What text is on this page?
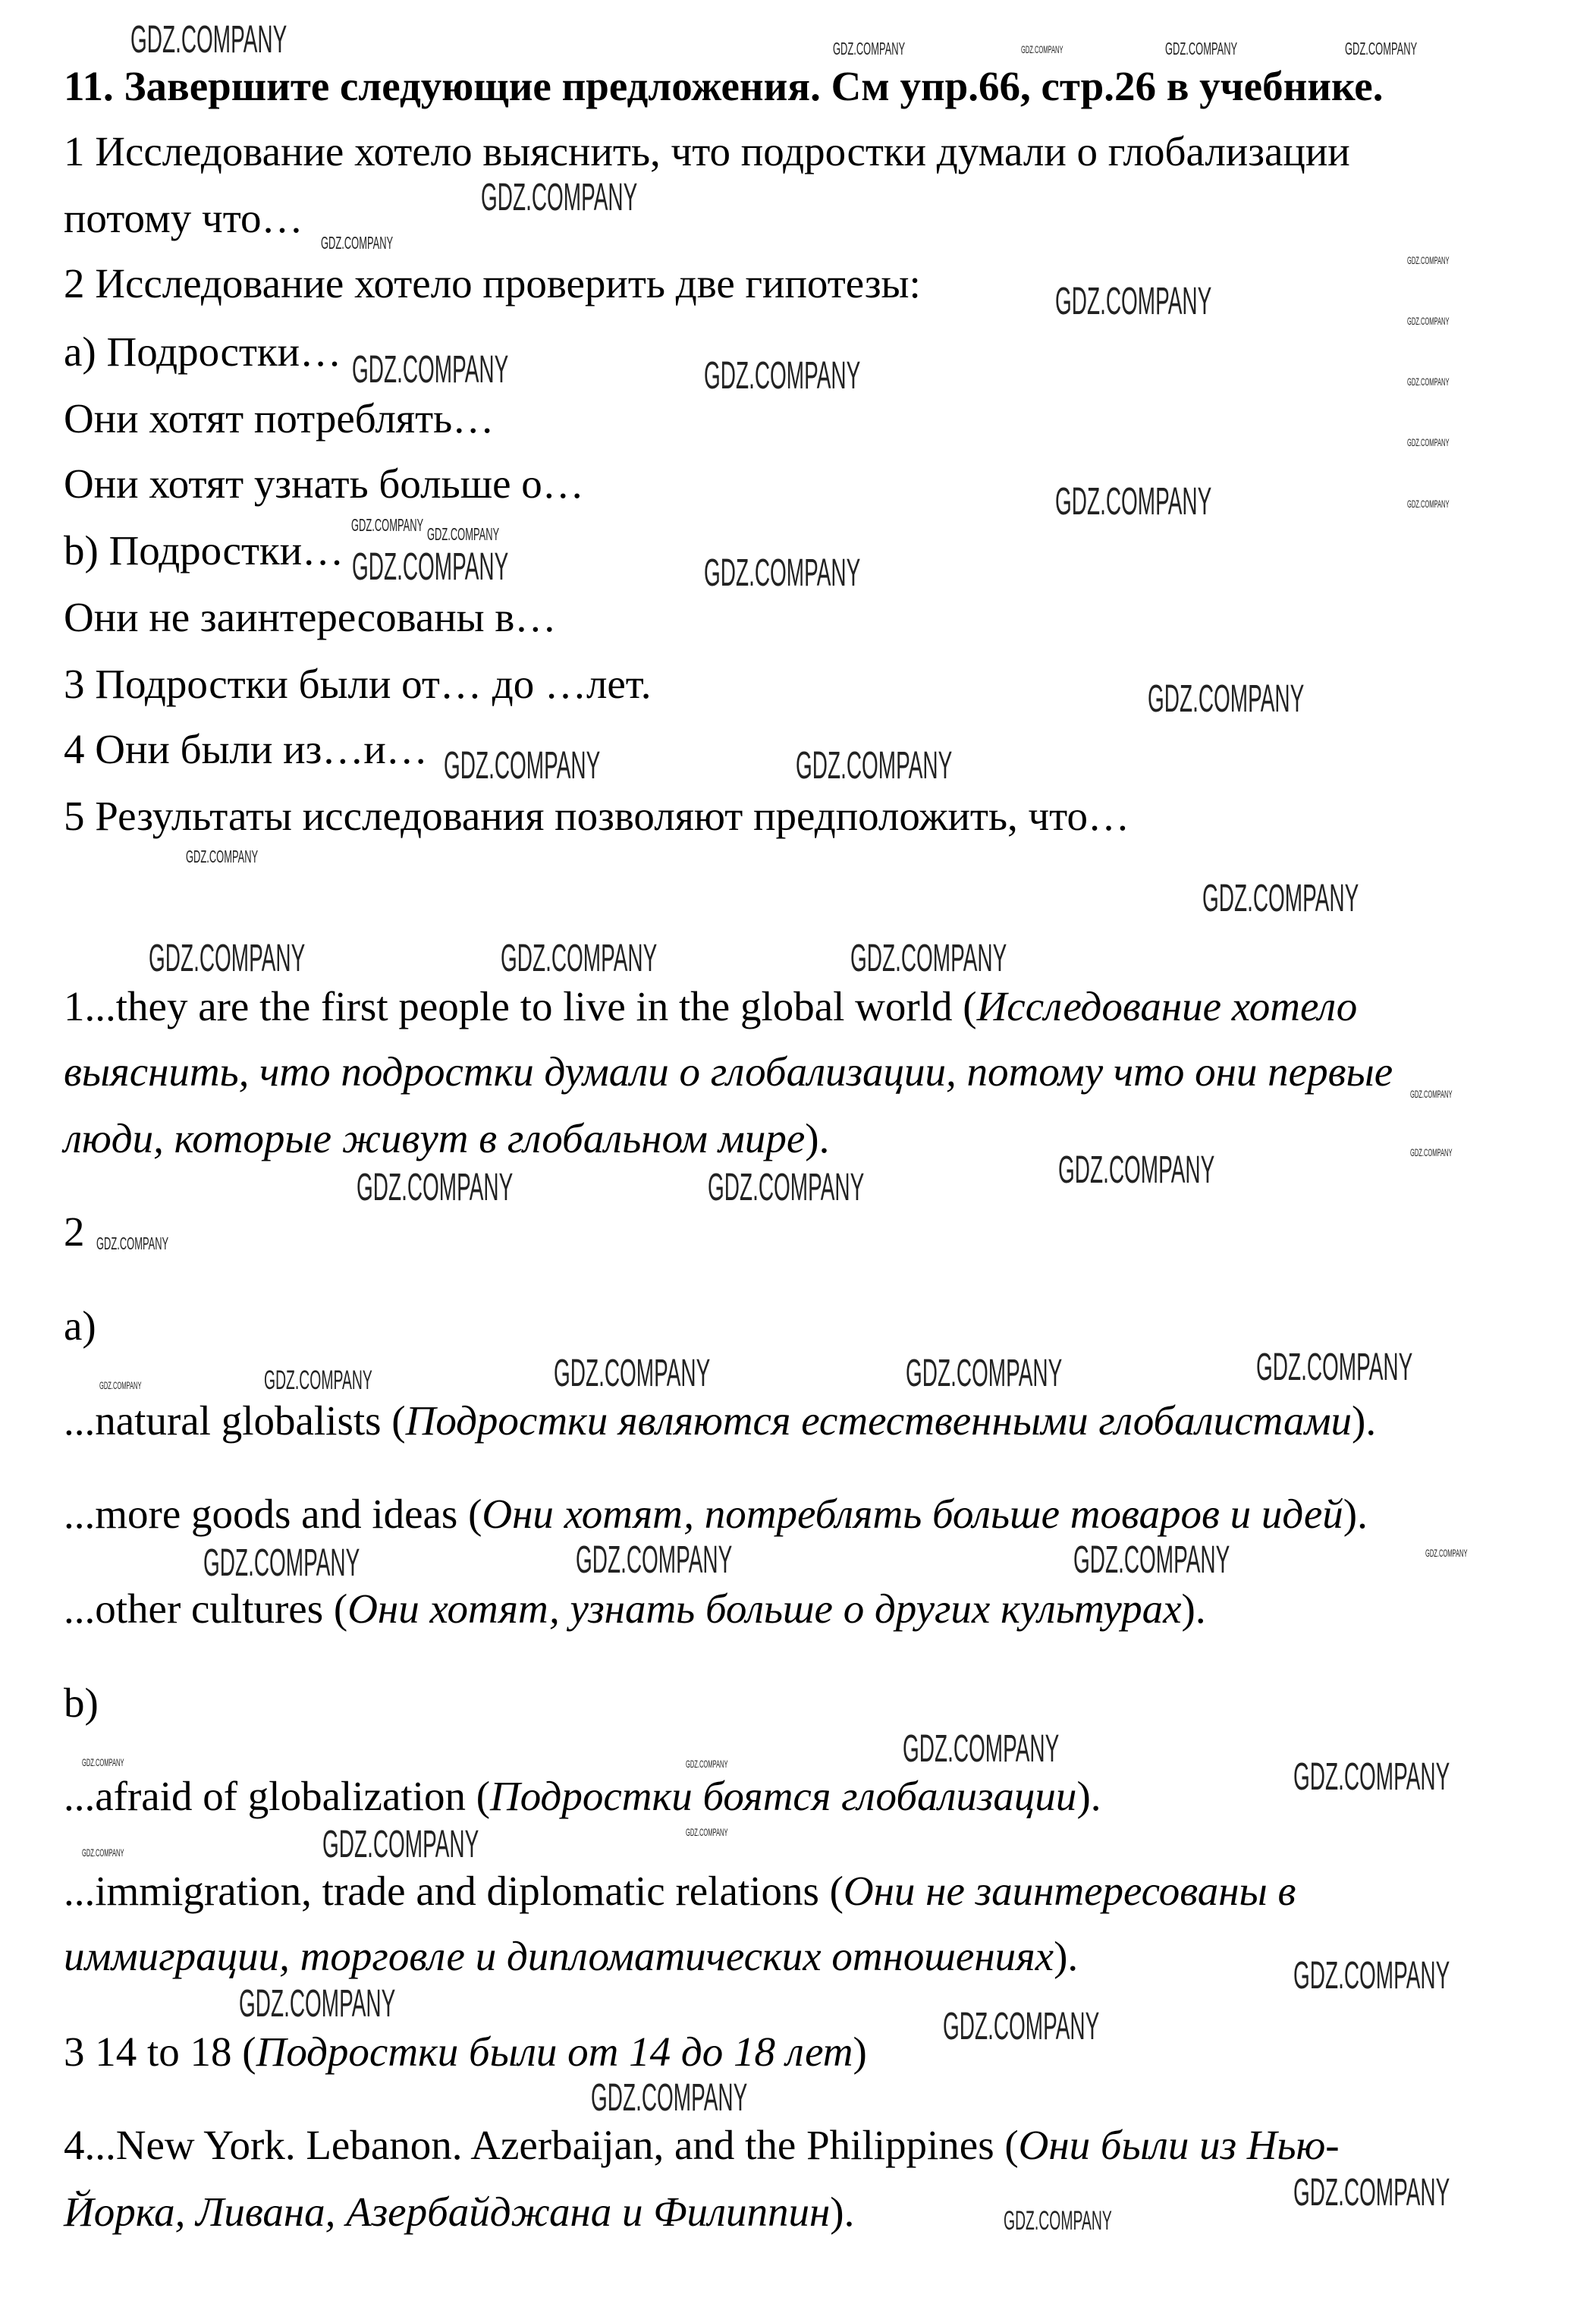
11. Завершите следующие предложения. См упр.66, стр.26 в учебнике.
1 Исследование хотело выяснить, что подростки думали о глобализации
потому что…
2 Исследование хотело проверить две гипотезы:
a) Подростки…
Они хотят потреблять…
Они хотят узнать больше о…
b) Подростки…
Они не заинтересованы в…
3 Подростки были от… до …лет.
4 Они были из…и…
5 Результаты исследования позволяют предположить, что…
1...they are the first people to live in the global world (Исследование хотело
выяснить, что подростки думали о глобализации, потому что они первые
люди, которые живут в глобальном мире).
2
a)
...natural globalists (Подростки являются естественными глобалистами).
...more goods and ideas (Они хотят, потреблять больше товаров и идей).
...other cultures (Они хотят, узнать больше о других культурах).
b)
...afraid of globalization (Подростки боятся глобализации).
...immigration, trade and diplomatic relations (Они не заинтересованы в
иммиграции, торговле и дипломатических отношениях).
3 14 to 18 (Подростки были от 14 до 18 лет)
4...New York. Lebanon. Azerbaijan, and the Philippines (Они были из Нью-
Йорка, Ливана, Азербайджана и Филиппин).
GDZ.COMPANY
GDZ.COMPANY
GDZ.COMPANY
GDZ.COMPANY	GDZ.COMPANY
GDZ.COMPANY
GDZ.COMPANY	GDZ.COMPANY
GDZ.COMPANY
GDZ.COMPANY	GDZ.COMPANY
GDZ.COMPANY
GDZ.COMPANY	GDZ.COMPANY	GDZ.COMPANY
GDZ.COMPANY	GDZ.COMPANY	GDZ.COMPANY
GDZ.COMPANY
GDZ.COMPANY	GDZ.COMPANY
GDZ.COMPANY	GDZ.COMPANY	GDZ.COMPANY
GDZ.COMPANY
GDZ.COMPANY
GDZ.COMPANY
GDZ.COMPANY
GDZ.COMPANY
GDZ.COMPANY
GDZ.COMPANY
GDZ.COMPANY
GDZ.COMPANY
GDZ.COMPANY
GDZ.COMPANY	GDZ.COMPANY	GDZ.COMPANY
GDZ.COMPANY
GDZ.COMPANY GDZ.COMPANY
GDZ.COMPANY
GDZ.COMPANY
GDZ.COMPANY
GDZ.COMPANY
GDZ.COMPANY
GDZ.COMPANY
GDZ.COMPANY
GDZ.COMPANY
GDZ.COMPANY
GDZ.COMPANY
GDZ.COMPANY
GDZ.COMPANY
GDZ.COMPANY	GDZ.COMPANY
GDZ.COMPANY
GDZ.COMPANY
